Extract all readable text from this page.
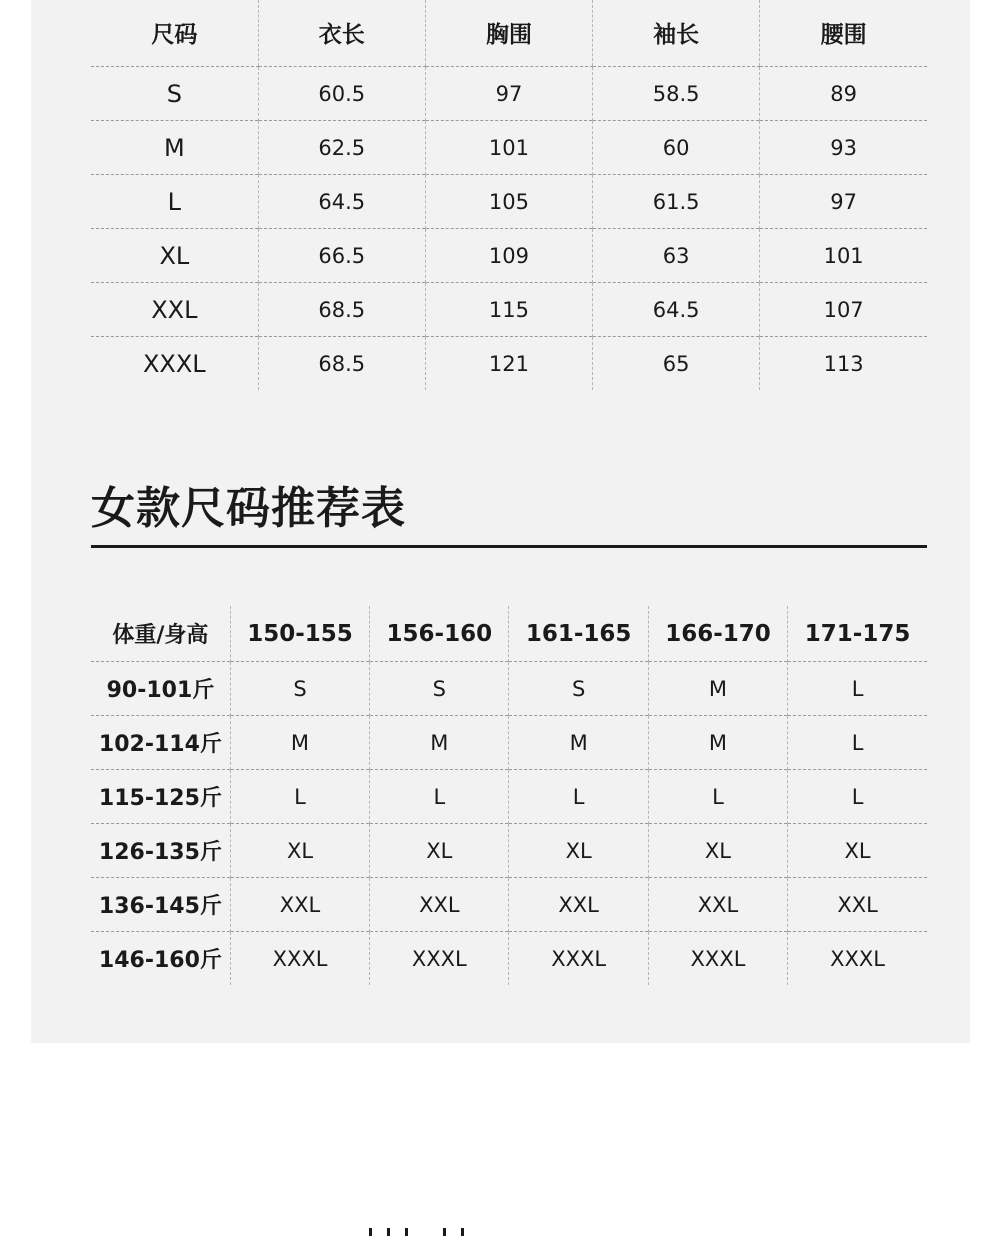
尺码	衣长	胸围	袖长	腰围
S	60.5	97	58.5	89
M	62.5	101	60	93
L	64.5	105	61.5	97
XL	66.5	109	63	101
XXL	68.5	115	64.5	107
XXXL	68.5	121	65	113
女款尺码推荐表
体重/身高	150-155	156-160	161-165	166-170	171-175
90-101斤	S	S	S	M	L
102-114斤	M	M	M	M	L
115-125斤	L	L	L	L	L
126-135斤	XL	XL	XL	XL	XL
136-145斤	XXL	XXL	XXL	XXL	XXL
146-160斤	XXXL	XXXL	XXXL	XXXL	XXXL
